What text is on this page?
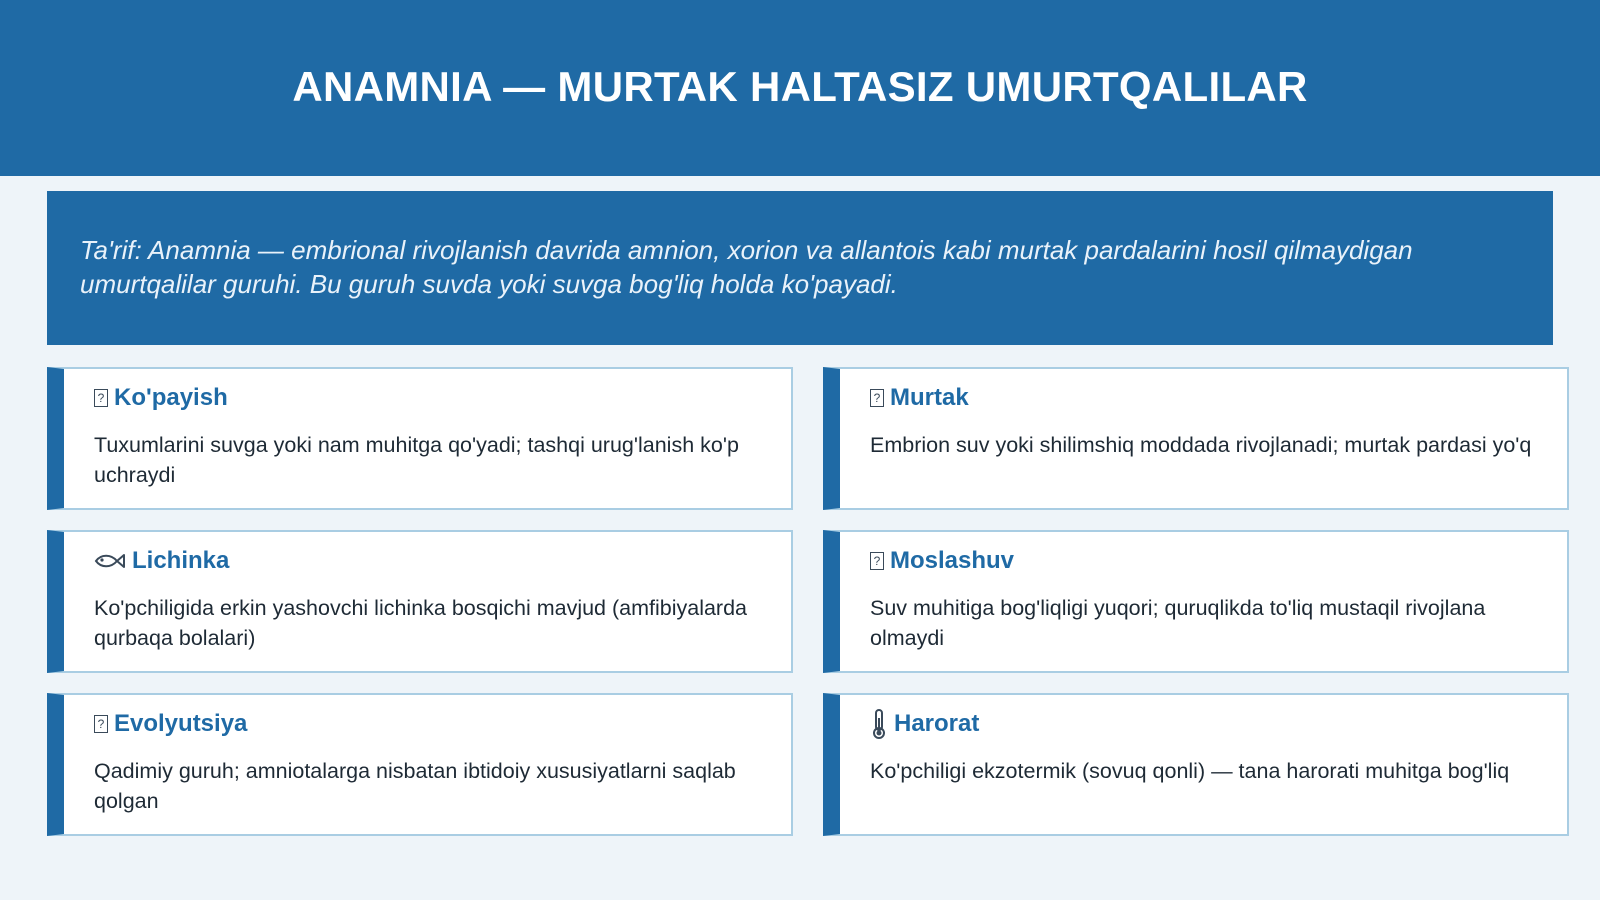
ANAMNIA — MURTAK HALTASIZ UMURTQALILAR

Ta'rif: Anamnia — embrional rivojlanish davrida amnion, xorion va allantois kabi murtak pardalarini hosil qilmaydigan umurtqalilar guruhi. Bu guruh suvda yoki suvga bog'liq holda ko'payadi.

? Ko'payish

Tuxumlarini suvga yoki nam muhitga qo'yadi; tashqi urug'lanish ko'p uchraydi

? Murtak

Embrion suv yoki shilimshiq moddada rivojlanadi; murtak pardasi yo'q

Lichinka

Ko'pchiligida erkin yashovchi lichinka bosqichi mavjud (amfibiyalarda qurbaqa bolalari)

? Moslashuv

Suv muhitiga bog'liqligi yuqori; quruqlikda to'liq mustaqil rivojlana olmaydi

? Evolyutsiya

Qadimiy guruh; amniotalarga nisbatan ibtidoiy xususiyatlarni saqlab qolgan

Harorat

Ko'pchiligi ekzotermik (sovuq qonli) — tana harorati muhitga bog'liq
